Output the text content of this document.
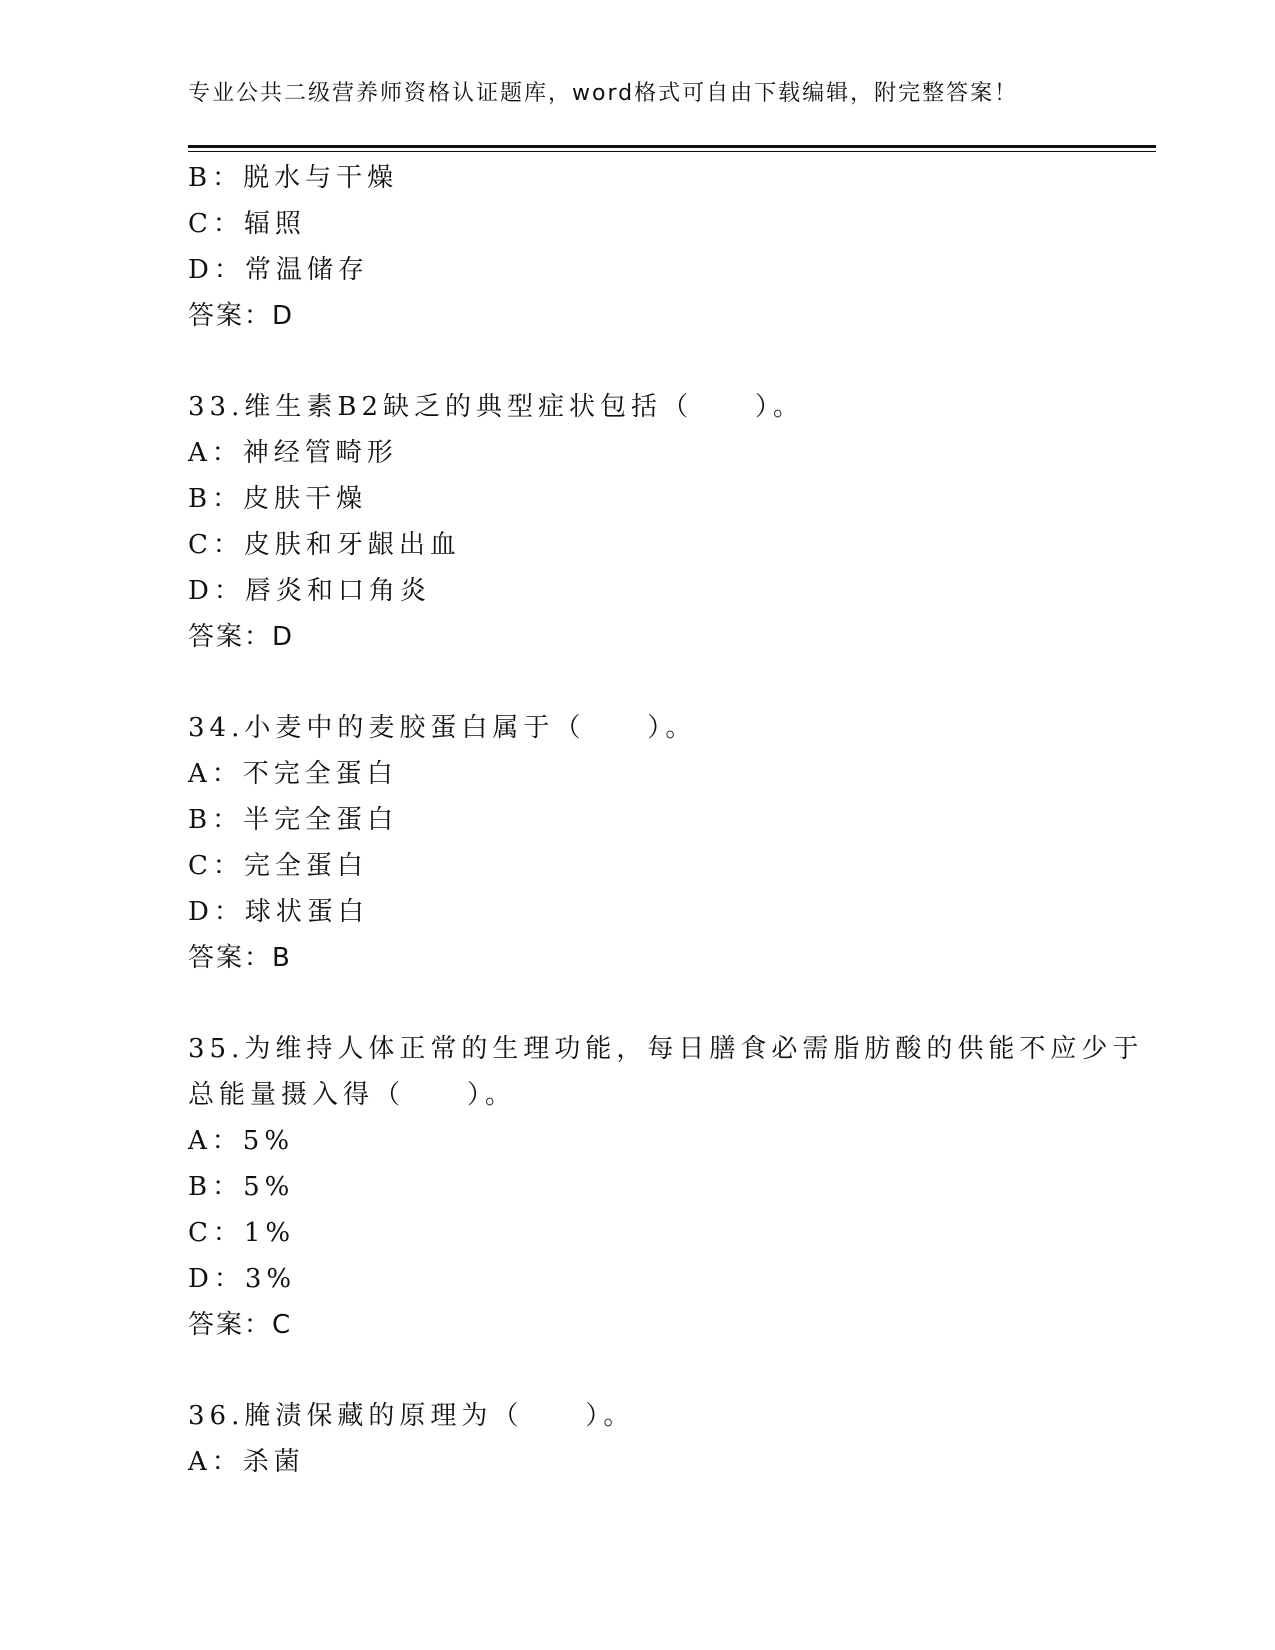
专业公共二级营养师资格认证题库，word格式可自由下载编辑，附完整答案！
B：脱水与干燥
C：辐照
D：常温储存
答案：D
33.维生素B2缺乏的典型症状包括（　　）。
A：神经管畸形
B：皮肤干燥
C：皮肤和牙龈出血
D：唇炎和口角炎
答案：D
34.小麦中的麦胶蛋白属于（　　）。
A：不完全蛋白
B：半完全蛋白
C：完全蛋白
D：球状蛋白
答案：B
35.为维持人体正常的生理功能，每日膳食必需脂肪酸的供能不应少于
总能量摄入得（　　）。
A：5%
B：5%
C：1%
D：3%
答案：C
36.腌渍保藏的原理为（　　）。
A：杀菌
